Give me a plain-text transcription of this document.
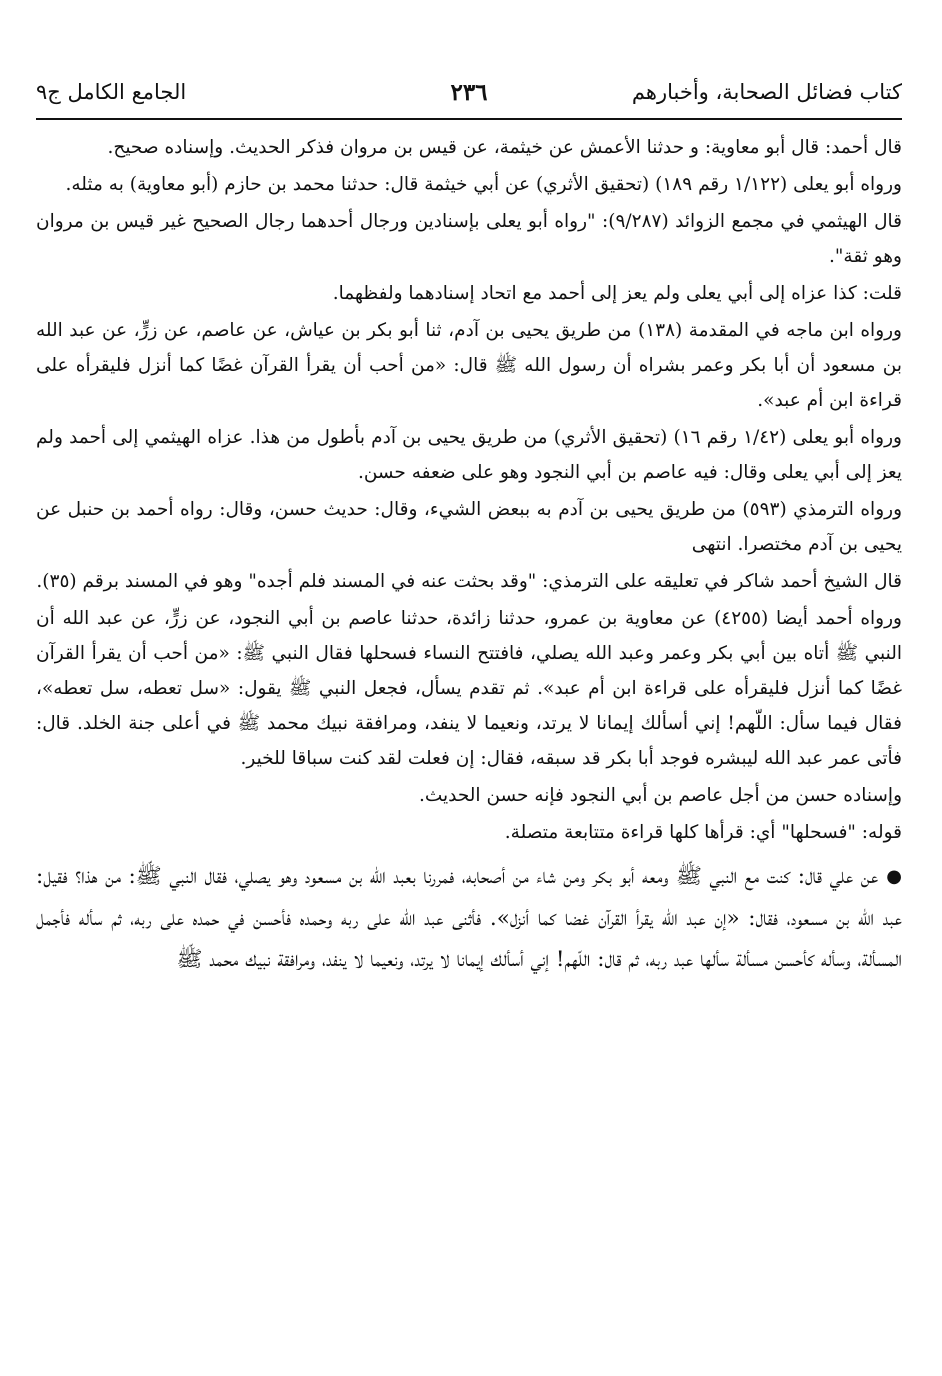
كتاب فضائل الصحابة، وأخبارهم
٢٣٦
الجامع الكامل ج٩

قال أحمد: قال أبو معاوية: و حدثنا الأعمش عن خيثمة، عن قيس بن مروان فذكر الحديث. وإسناده صحيح.

ورواه أبو يعلى (١/١٢٢ رقم ١٨٩) (تحقيق الأثري) عن أبي خيثمة قال: حدثنا محمد بن حازم (أبو معاوية) به مثله.

قال الهيثمي في مجمع الزوائد (٩/٢٨٧): "رواه أبو يعلى بإسنادين ورجال أحدهما رجال الصحيح غير قيس بن مروان وهو ثقة".

قلت: كذا عزاه إلى أبي يعلى ولم يعز إلى أحمد مع اتحاد إسنادهما ولفظهما.

ورواه ابن ماجه في المقدمة (١٣٨) من طريق يحيى بن آدم، ثنا أبو بكر بن عياش، عن عاصم، عن زرٍّ، عن عبد الله بن مسعود أن أبا بكر وعمر بشراه أن رسول الله ﷺ قال: «من أحب أن يقرأ القرآن غضًا كما أنزل فليقرأه على قراءة ابن أم عبد».

ورواه أبو يعلى (١/٤٢ رقم ١٦) (تحقيق الأثري) من طريق يحيى بن آدم بأطول من هذا. عزاه الهيثمي إلى أحمد ولم يعز إلى أبي يعلى وقال: فيه عاصم بن أبي النجود وهو على ضعفه حسن.

ورواه الترمذي (٥٩٣) من طريق يحيى بن آدم به ببعض الشيء، وقال: حديث حسن، وقال: رواه أحمد بن حنبل عن يحيى بن آدم مختصرا. انتهى

قال الشيخ أحمد شاكر في تعليقه على الترمذي: "وقد بحثت عنه في المسند فلم أجده" وهو في المسند برقم (٣٥).

ورواه أحمد أيضا (٤٢٥٥) عن معاوية بن عمرو، حدثنا زائدة، حدثنا عاصم بن أبي النجود، عن زرٍّ، عن عبد الله أن النبي ﷺ أتاه بين أبي بكر وعمر وعبد الله يصلي، فافتتح النساء فسحلها فقال النبي ﷺ: «من أحب أن يقرأ القرآن غضًا كما أنزل فليقرأه على قراءة ابن أم عبد». ثم تقدم يسأل، فجعل النبي ﷺ يقول: «سل تعطه، سل تعطه»، فقال فيما سأل: اللّهم! إني أسألك إيمانا لا يرتد، ونعيما لا ينفد، ومرافقة نبيك محمد ﷺ في أعلى جنة الخلد. قال: فأتى عمر عبد الله ليبشره فوجد أبا بكر قد سبقه، فقال: إن فعلت لقد كنت سباقا للخير.

وإسناده حسن من أجل عاصم بن أبي النجود فإنه حسن الحديث.

قوله: "فسحلها" أي: قرأها كلها قراءة متتابعة متصلة.

●عن علي قال: كنت مع النبي ﷺ ومعه أبو بكر ومن شاء من أصحابه، فمررنا بعبد الله بن مسعود وهو يصلي، فقال النبي ﷺ: من هذا؟ فقيل: عبد الله بن مسعود، فقال: «إن عبد الله يقرأ القرآن غضا كما أنزل». فأثنى عبد الله على ربه وحمده فأحسن في حمده على ربه، ثم سأله فأجمل المسألة، وسأله كأحسن مسألة سألها عبد ربه، ثم قال: اللّهم! إني أسألك إيمانا لا يرتد، ونعيما لا ينفد، ومرافقة نبيك محمد ﷺ
